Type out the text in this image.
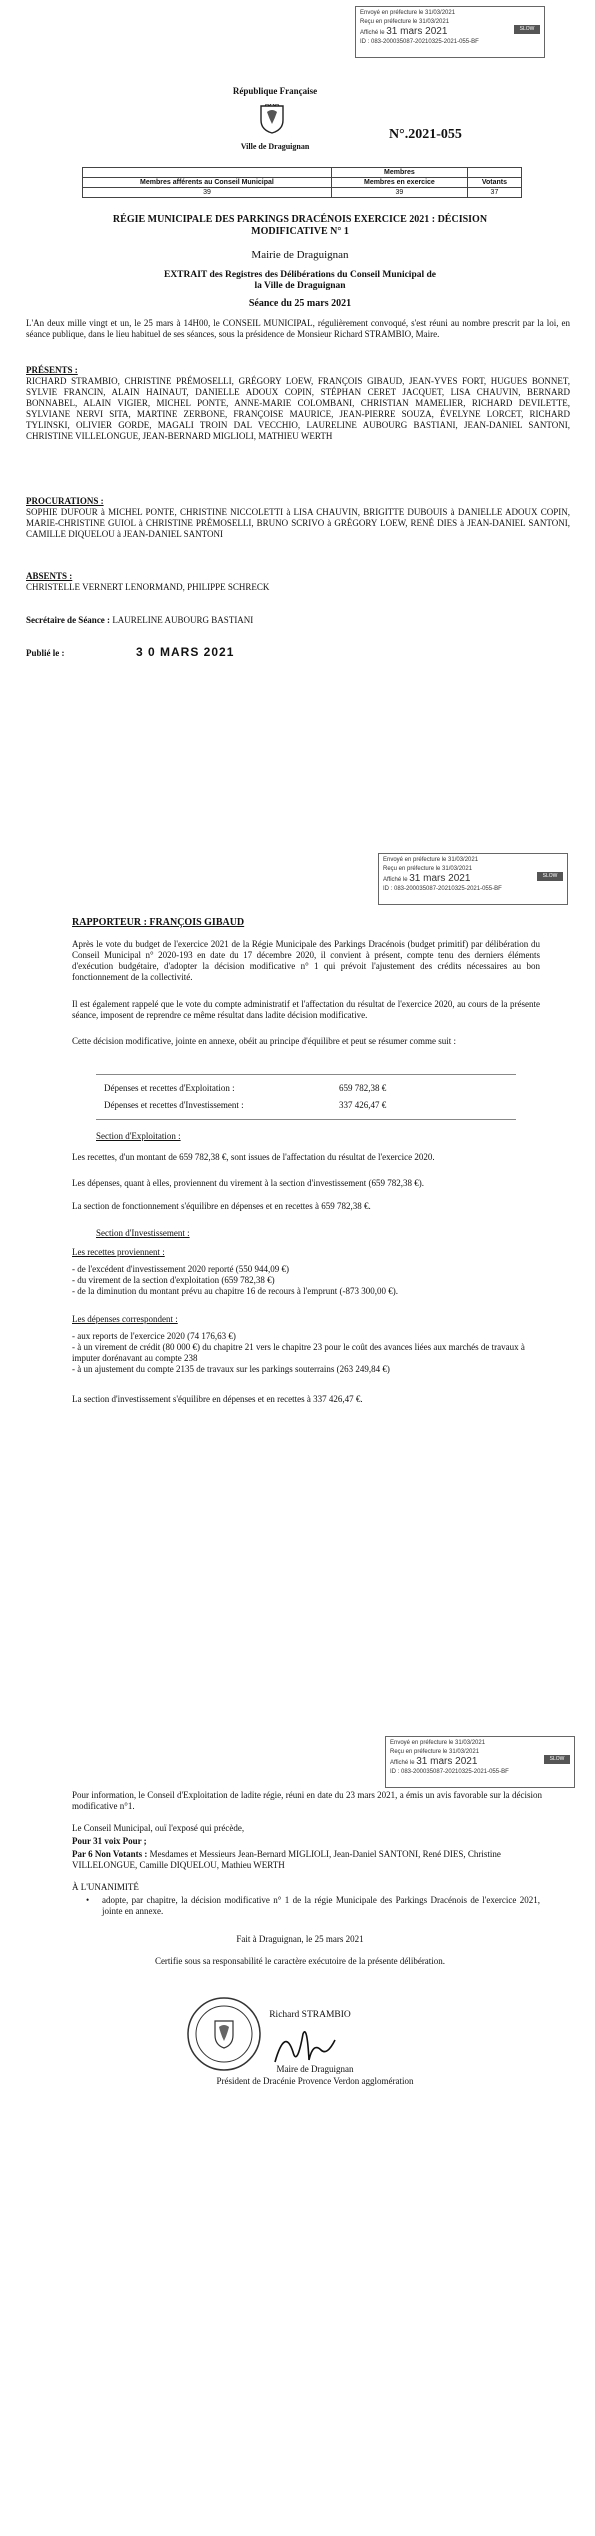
Envoyé en préfecture le 31/03/2021
Reçu en préfecture le 31/03/2021
Affiché le 31 mars 2021
ID : 083-200035087-20210325-2021-055-BF
SLOW
République Française
Ville de Draguignan
N°.2021-055
	Membres	
Membres afférents au Conseil Municipal	Membres en exercice	Votants
39	39	37
RÉGIE MUNICIPALE DES PARKINGS DRACÉNOIS EXERCICE 2021 : DÉCISION MODIFICATIVE N° 1
Mairie de Draguignan
EXTRAIT des Registres des Délibérations du Conseil Municipal de la Ville de Draguignan
Séance du 25 mars 2021
L'An deux mille vingt et un, le 25 mars à 14H00, le CONSEIL MUNICIPAL, régulièrement convoqué, s'est réuni au nombre prescrit par la loi, en séance publique, dans le lieu habituel de ses séances, sous la présidence de Monsieur Richard STRAMBIO, Maire.
PRÉSENTS :
RICHARD STRAMBIO, CHRISTINE PRÉMOSELLI, GRÉGORY LOEW, FRANÇOIS GIBAUD, JEAN-YVES FORT, HUGUES BONNET, SYLVIE FRANCIN, ALAIN HAINAUT, DANIELLE ADOUX COPIN, STÉPHAN CERET JACQUET, LISA CHAUVIN, BERNARD BONNABEL, ALAIN VIGIER, MICHEL PONTE, ANNE-MARIE COLOMBANI, CHRISTIAN MAMELIER, RICHARD DEVILETTE, SYLVIANE NERVI SITA, MARTINE ZERBONE, FRANÇOISE MAURICE, JEAN-PIERRE SOUZA, ÉVELYNE LORCET, RICHARD TYLINSKI, OLIVIER GORDE, MAGALI TROIN DAL VECCHIO, LAURELINE AUBOURG BASTIANI, JEAN-DANIEL SANTONI, CHRISTINE VILLELONGUE, JEAN-BERNARD MIGLIOLI, MATHIEU WERTH
PROCURATIONS :
SOPHIE DUFOUR à MICHEL PONTE, CHRISTINE NICCOLETTI à LISA CHAUVIN, BRIGITTE DUBOUIS à DANIELLE ADOUX COPIN, MARIE-CHRISTINE GUIOL à CHRISTINE PRÉMOSELLI, BRUNO SCRIVO à GRÉGORY LOEW, RENÉ DIES à JEAN-DANIEL SANTONI, CAMILLE DIQUELOU à JEAN-DANIEL SANTONI
ABSENTS :
CHRISTELLE VERNERT LENORMAND, PHILIPPE SCHRECK
Secrétaire de Séance : LAURELINE AUBOURG BASTIANI
Publié le :	3 0 MARS 2021
Envoyé en préfecture le 31/03/2021
Reçu en préfecture le 31/03/2021
Affiché le 31 mars 2021
ID : 083-200035087-20210325-2021-055-BF
SLOW
RAPPORTEUR : FRANÇOIS GIBAUD
Après le vote du budget de l'exercice 2021 de la Régie Municipale des Parkings Dracénois (budget primitif) par délibération du Conseil Municipal n° 2020-193 en date du 17 décembre 2020, il convient à présent, compte tenu des derniers éléments d'exécution budgétaire, d'adopter la décision modificative n° 1 qui prévoit l'ajustement des crédits nécessaires au bon fonctionnement de la collectivité.
Il est également rappelé que le vote du compte administratif et l'affectation du résultat de l'exercice 2020, au cours de la présente séance, imposent de reprendre ce même résultat dans ladite décision modificative.
Cette décision modificative, jointe en annexe, obéit au principe d'équilibre et peut se résumer comme suit :
Dépenses et recettes d'Exploitation :	659 782,38 €
Dépenses et recettes d'Investissement :	337 426,47 €
Section d'Exploitation :
Les recettes, d'un montant de 659 782,38 €, sont issues de l'affectation du résultat de l'exercice 2020.
Les dépenses, quant à elles, proviennent du virement à la section d'investissement (659 782,38 €).
La section de fonctionnement s'équilibre en dépenses et en recettes à 659 782,38 €.
Section d'Investissement :
Les recettes proviennent :
- de l'excédent d'investissement 2020 reporté (550 944,09 €)
- du virement de la section d'exploitation (659 782,38 €)
- de la diminution du montant prévu au chapitre 16 de recours à l'emprunt (-873 300,00 €).
Les dépenses correspondent :
- aux reports de l'exercice 2020 (74 176,63 €)
- à un virement de crédit (80 000 €) du chapitre 21 vers le chapitre 23 pour le coût des avances liées aux marchés de travaux à imputer dorénavant au compte 238
- à un ajustement du compte 2135 de travaux sur les parkings souterrains (263 249,84 €)
La section d'investissement s'équilibre en dépenses et en recettes à 337 426,47 €.
Envoyé en préfecture le 31/03/2021
Reçu en préfecture le 31/03/2021
Affiché le 31 mars 2021
ID : 083-200035087-20210325-2021-055-BF
SLOW
Pour information, le Conseil d'Exploitation de ladite régie, réuni en date du 23 mars 2021, a émis un avis favorable sur la décision modificative n°1.
Le Conseil Municipal, ouï l'exposé qui précède,
Pour 31 voix Pour ;
Par 6 Non Votants : Mesdames et Messieurs Jean-Bernard MIGLIOLI, Jean-Daniel SANTONI, René DIES, Christine VILLELONGUE, Camille DIQUELOU, Mathieu WERTH
À L'UNANIMITÉ
• adopte, par chapitre, la décision modificative n° 1 de la régie Municipale des Parkings Dracénois de l'exercice 2021, jointe en annexe.
Fait à Draguignan, le 25 mars 2021
Certifie sous sa responsabilité le caractère exécutoire de la présente délibération.
Richard STRAMBIO
Maire de Draguignan
Président de Dracénie Provence Verdon agglomération
